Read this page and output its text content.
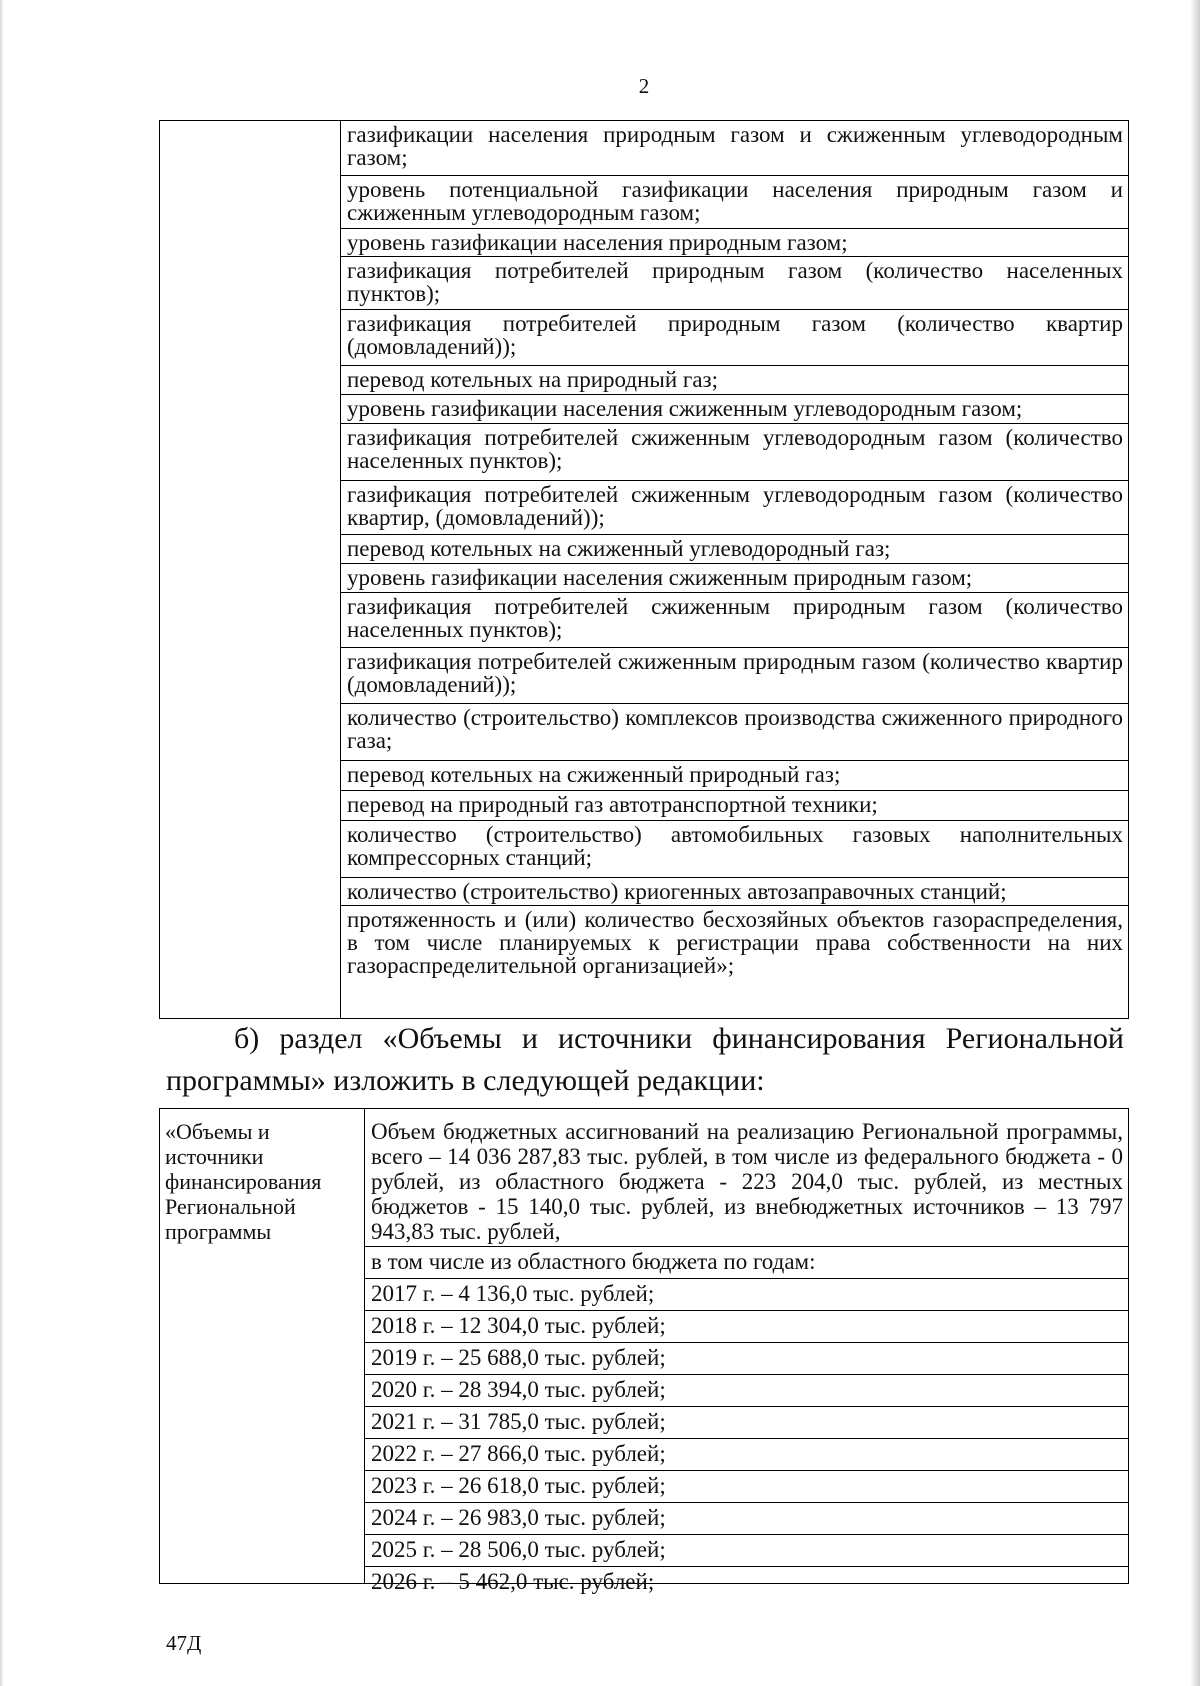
2
газификации населения природным газом и сжиженным углеводородным газом;
уровень потенциальной газификации населения природным газом и сжиженным углеводородным газом;
уровень газификации населения природным газом;
газификация потребителей природным газом (количество населенных пунктов);
газификация потребителей природным газом (количество квартир (домовладений));
перевод котельных на природный газ;
уровень газификации населения сжиженным углеводородным газом;
газификация потребителей сжиженным углеводородным газом (количество населенных пунктов);
газификация потребителей сжиженным углеводородным газом (количество квартир, (домовладений));
перевод котельных на сжиженный углеводородный газ;
уровень газификации населения сжиженным природным газом;
газификация потребителей сжиженным природным газом (количество населенных пунктов);
газификация потребителей сжиженным природным газом (количество квартир (домовладений));
количество (строительство) комплексов производства сжиженного природного газа;
перевод котельных на сжиженный природный газ;
перевод на природный газ автотранспортной техники;
количество (строительство) автомобильных газовых наполнительных компрессорных станций;
количество (строительство) криогенных автозаправочных станций;
протяженность и (или) количество бесхозяйных объектов газораспределения, в том числе планируемых к регистрации права собственности на них газораспределительной организацией»;
б) раздел «Объемы и источники финансирования Региональной
программы» изложить в следующей редакции:
«Объемы и источники финансирования Региональной программы
Объем бюджетных ассигнований на реализацию Региональной программы, всего – 14 036 287,83 тыс. рублей, в том числе из федерального бюджета - 0 рублей, из областного бюджета - 223 204,0 тыс. рублей, из местных бюджетов - 15 140,0 тыс. рублей, из внебюджетных источников – 13 797 943,83 тыс. рублей,
в том числе из областного бюджета по годам:
2017 г. – 4 136,0 тыс. рублей;
2018 г. – 12 304,0 тыс. рублей;
2019 г. – 25 688,0 тыс. рублей;
2020 г. – 28 394,0 тыс. рублей;
2021 г. – 31 785,0 тыс. рублей;
2022 г. – 27 866,0 тыс. рублей;
2023 г. – 26 618,0 тыс. рублей;
2024 г. – 26 983,0 тыс. рублей;
2025 г. – 28 506,0 тыс. рублей;
2026 г. – 5 462,0 тыс. рублей;
47Д
